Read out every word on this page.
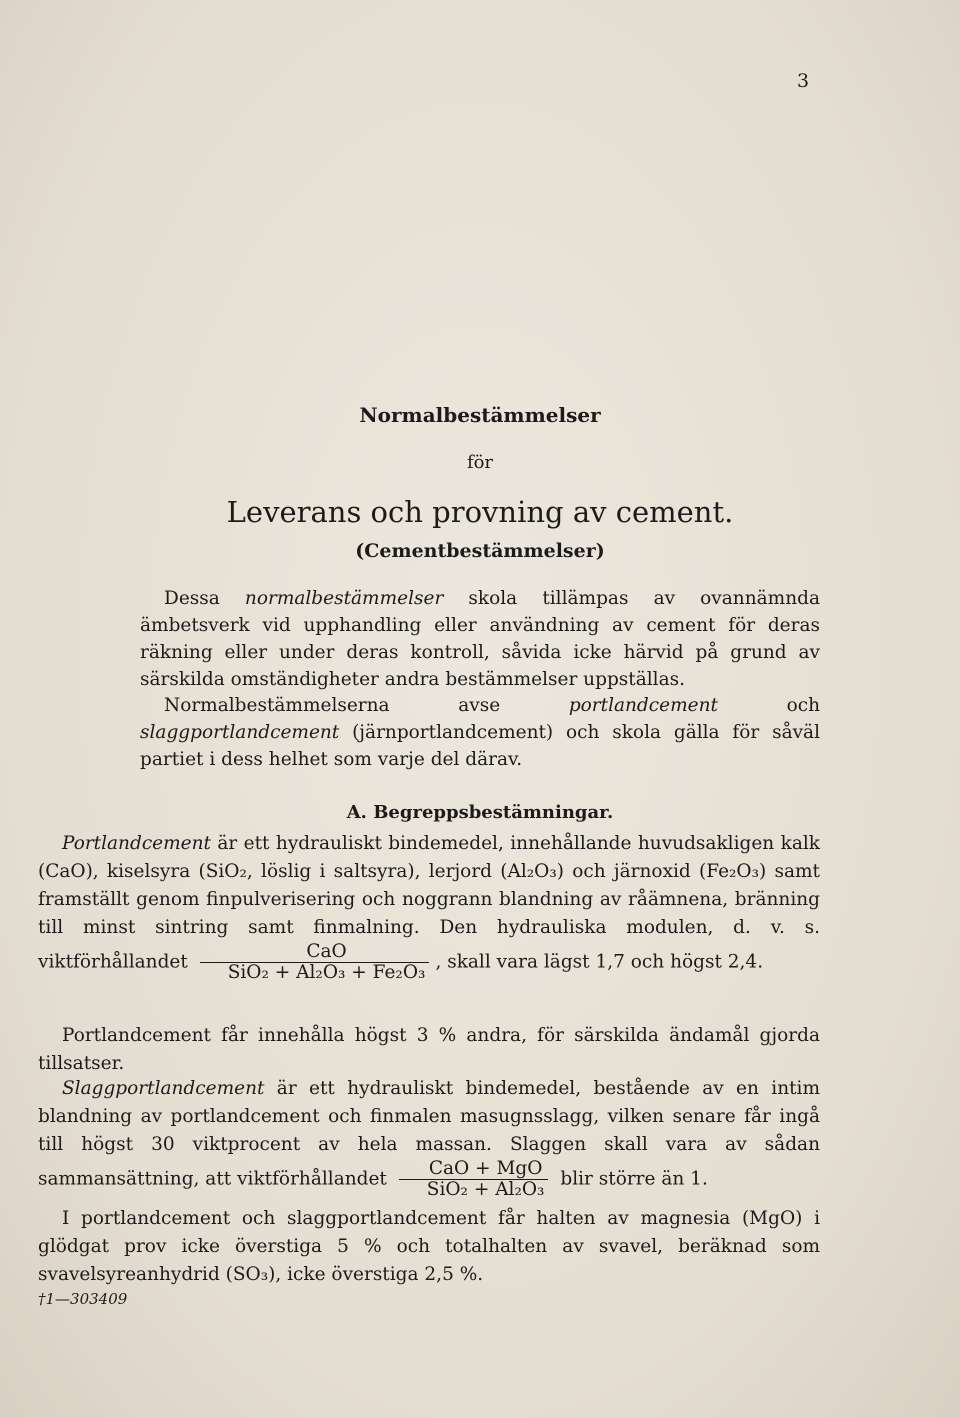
3
Normalbestämmelser
för
Leverans och provning av cement.
(Cementbestämmelser)
Dessa normalbestämmelser skola tillämpas av ovannämnda ämbetsverk vid upphandling eller användning av cement för deras räkning eller under deras kontroll, såvida icke härvid på grund av särskilda omständigheter andra bestämmelser uppställas.
Normalbestämmelserna avse portlandcement och slaggportlandcement (järnportlandcement) och skola gälla för såväl partiet i dess helhet som varje del därav.
A. Begreppsbestämningar.
Portlandcement är ett hydrauliskt bindemedel, innehållande huvudsakligen kalk (CaO), kiselsyra (SiO₂, löslig i saltsyra), lerjord (Al₂O₃) och järnoxid (Fe₂O₃) samt framställt genom finpulverisering och noggrann blandning av råämnena, bränning till minst sintring samt finmalning. Den hydrauliska modulen, d. v. s. viktförhållandet $\frac{\text{CaO}}{\text{SiO₂ + Al₂O₃ + Fe₂O₃}}$ , skall vara lägst 1,7 och högst 2,4.
Portlandcement får innehålla högst 3 % andra, för särskilda ändamål gjorda tillsatser.
Slaggportlandcement är ett hydrauliskt bindemedel, bestående av en intim blandning av portlandcement och finmalen masugnsslagg, vilken senare får ingå till högst 30 viktprocent av hela massan. Slaggen skall vara av sådan sammansättning, att viktförhållandet $\frac{\text{CaO + MgO}}{\text{SiO₂ + Al₂O₃}}$ blir större än 1.
I portlandcement och slaggportlandcement får halten av magnesia (MgO) i glödgat prov icke överstiga 5 % och totalhalten av svavel, beräknad som svavelsyreanhydrid (SO₃), icke överstiga 2,5 %.
†1—303409
